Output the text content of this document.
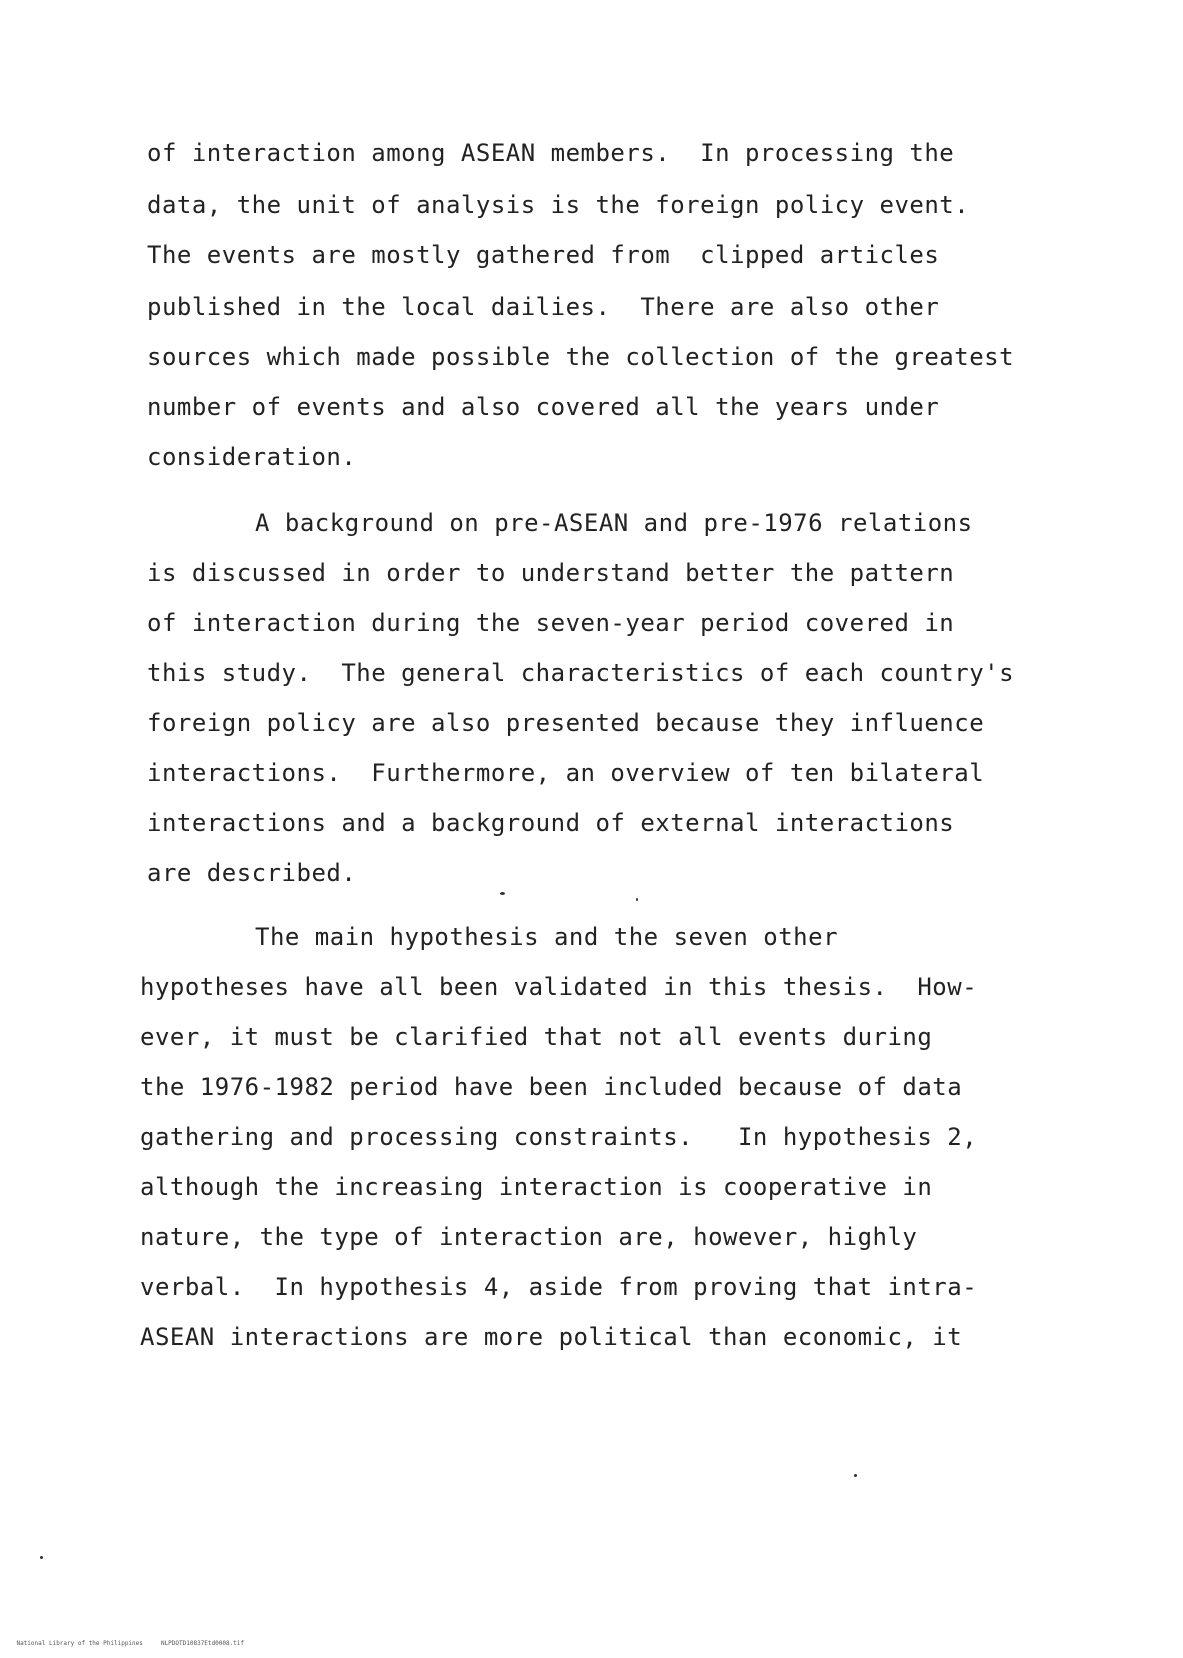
of interaction among ASEAN members.  In processing the
data, the unit of analysis is the foreign policy event.
The events are mostly gathered from  clipped articles
published in the local dailies.  There are also other
sources which made possible the collection of the greatest
number of events and also covered all the years under
consideration.
A background on pre-ASEAN and pre-1976 relations
is discussed in order to understand better the pattern
of interaction during the seven-year period covered in
this study.  The general characteristics of each country's
foreign policy are also presented because they influence
interactions.  Furthermore, an overview of ten bilateral
interactions and a background of external interactions
are described.
The main hypothesis and the seven other
hypotheses have all been validated in this thesis.  How-
ever, it must be clarified that not all events during
the 1976-1982 period have been included because of data
gathering and processing constraints.   In hypothesis 2,
although the increasing interaction is cooperative in
nature, the type of interaction are, however, highly
verbal.  In hypothesis 4, aside from proving that intra-
ASEAN interactions are more political than economic, it

National Library of the Philippines	NLPDOTD10837Etd0008.tif
